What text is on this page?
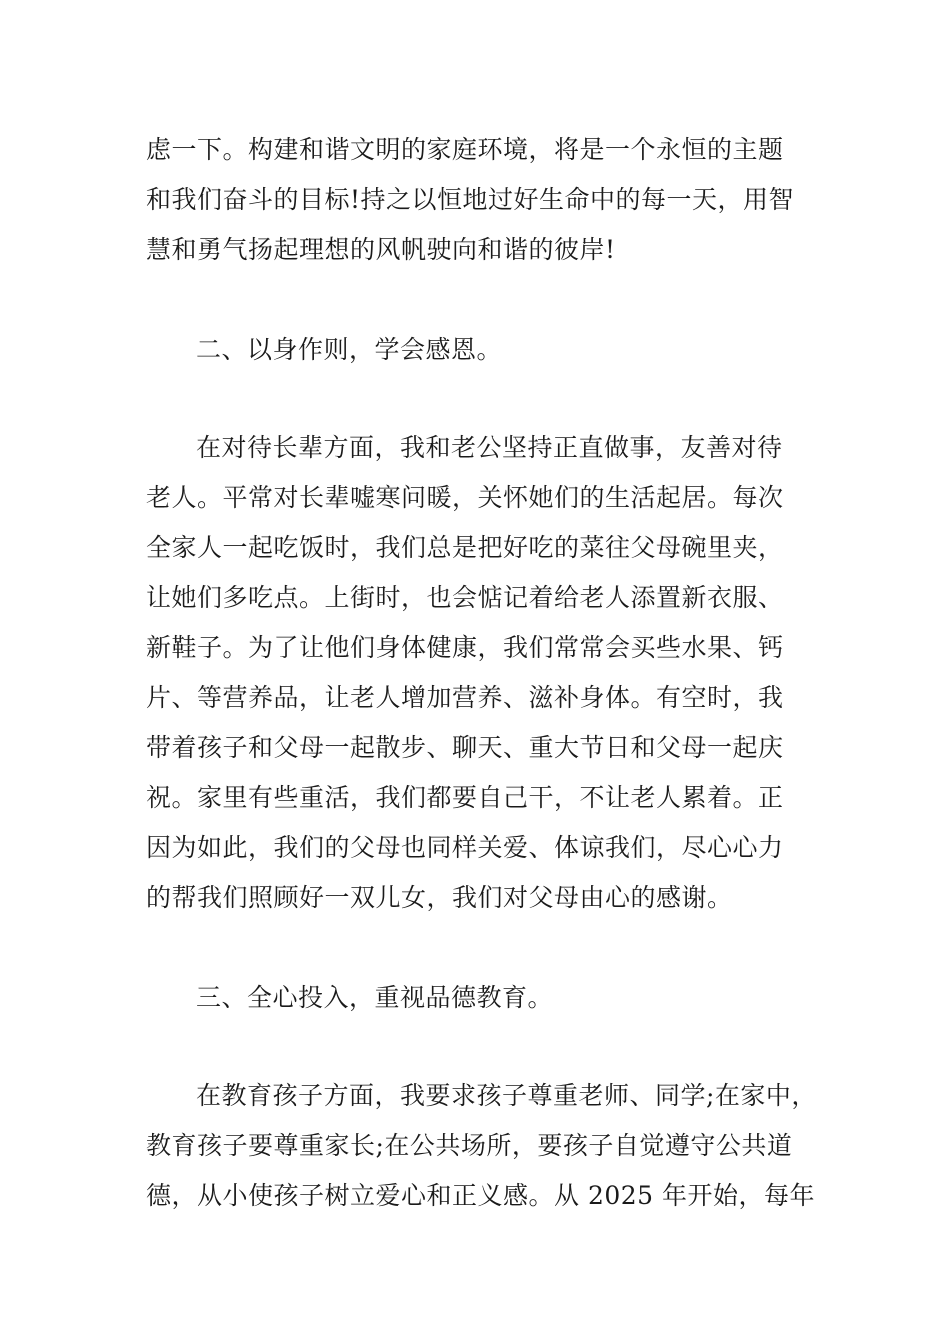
虑一下。构建和谐文明的家庭环境，将是一个永恒的主题
和我们奋斗的目标!持之以恒地过好生命中的每一天，用智
慧和勇气扬起理想的风帆驶向和谐的彼岸!
二、以身作则，学会感恩。
在对待长辈方面，我和老公坚持正直做事，友善对待
老人。平常对长辈嘘寒问暖，关怀她们的生活起居。每次
全家人一起吃饭时，我们总是把好吃的菜往父母碗里夹，
让她们多吃点。上街时，也会惦记着给老人添置新衣服、
新鞋子。为了让他们身体健康，我们常常会买些水果、钙
片、等营养品，让老人增加营养、滋补身体。有空时，我
带着孩子和父母一起散步、聊天、重大节日和父母一起庆
祝。家里有些重活，我们都要自己干，不让老人累着。正
因为如此，我们的父母也同样关爱、体谅我们，尽心心力
的帮我们照顾好一双儿女，我们对父母由心的感谢。
三、全心投入，重视品德教育。
在教育孩子方面，我要求孩子尊重老师、同学;在家中，
教育孩子要尊重家长;在公共场所，要孩子自觉遵守公共道
德，从小使孩子树立爱心和正义感。从 2025 年开始，每年
